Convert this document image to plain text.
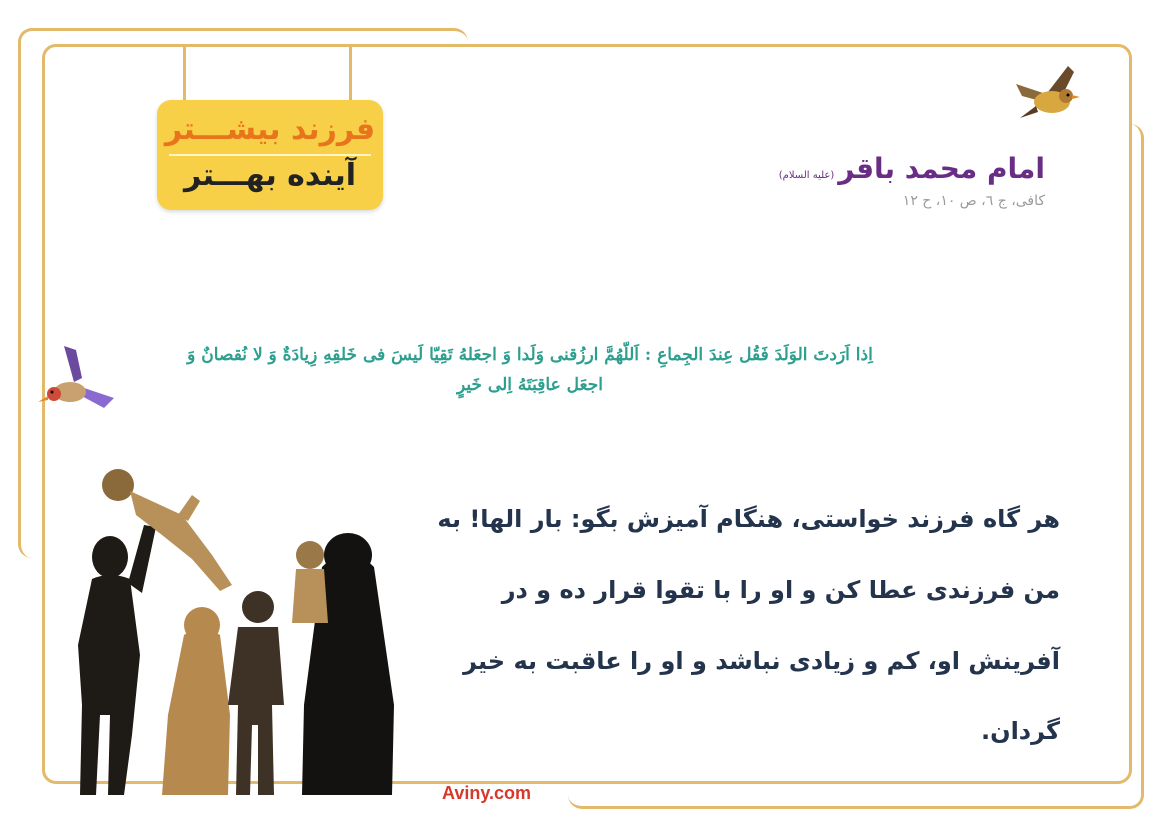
فرزند بیشـــتر
آینده بهـــتر	امام محمد باقر(علیه السلام)
کافی، ج ٦، ص ١٠، ح ١٢
اِذا اَرَدتَ الوَلَدَ فَقُل عِندَ الجِماعِ : اَللّهُمَّ ارزُقنى وَلَدا وَ اجعَلهُ تَقِيّا لَيسَ فى خَلقِهِ زِيادَةٌ وَ لا نُقصانٌ وَ
اجعَل عاقِبَتَهُ اِلى خَيرٍ
هر گاه فرزند خواستی، هنگام آمیزش بگو: بار الها! به من فرزندی عطا کن و او را با تقوا قرار ده و در آفرینش او، کم و زیادی نباشد و او را عاقبت به خیر گردان.
Aviny.com
